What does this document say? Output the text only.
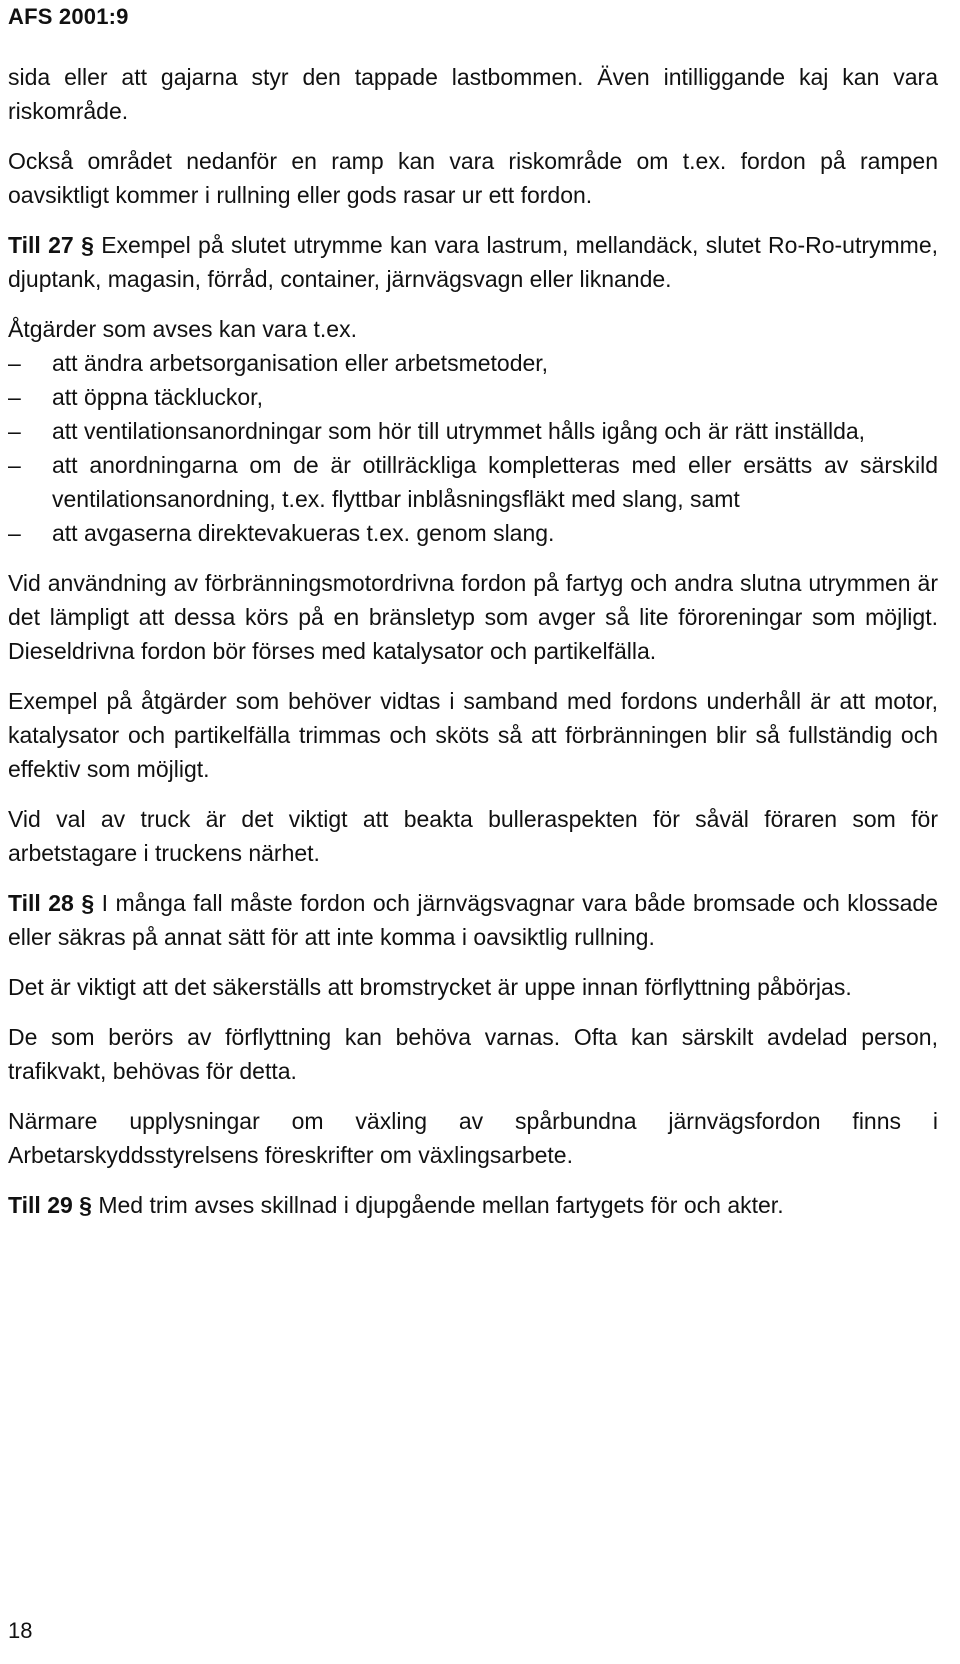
AFS 2001:9

sida eller att gajarna styr den tappade lastbommen. Även intilliggande kaj kan vara riskområde.

Också området nedanför en ramp kan vara riskområde om t.ex. fordon på rampen oavsiktligt kommer i rullning eller gods rasar ur ett fordon.

Till 27 § Exempel på slutet utrymme kan vara lastrum, mellandäck, slutet Ro-Ro-utrymme, djuptank, magasin, förråd, container, järnvägsvagn eller liknande.

Åtgärder som avses kan vara t.ex.

– att ändra arbetsorganisation eller arbetsmetoder,
– att öppna täckluckor,
– att ventilationsanordningar som hör till utrymmet hålls igång och är rätt inställda,
– att anordningarna om de är otillräckliga kompletteras med eller ersätts av särskild ventilationsanordning, t.ex. flyttbar inblåsningsfläkt med slang, samt
– att avgaserna direktevakueras t.ex. genom slang.

Vid användning av förbränningsmotordrivna fordon på fartyg och andra slutna utrymmen är det lämpligt att dessa körs på en bränsletyp som avger så lite föroreningar som möjligt. Dieseldrivna fordon bör förses med katalysator och partikelfälla.

Exempel på åtgärder som behöver vidtas i samband med fordons underhåll är att motor, katalysator och partikelfälla trimmas och sköts så att förbränningen blir så fullständig och effektiv som möjligt.

Vid val av truck är det viktigt att beakta bulleraspekten för såväl föraren som för arbetstagare i truckens närhet.

Till 28 § I många fall måste fordon och järnvägsvagnar vara både bromsade och klossade eller säkras på annat sätt för att inte komma i oavsiktlig rullning.

Det är viktigt att det säkerställs att bromstrycket är uppe innan förflyttning påbörjas.

De som berörs av förflyttning kan behöva varnas. Ofta kan särskilt avdelad person, trafikvakt, behövas för detta.

Närmare upplysningar om växling av spårbundna järnvägsfordon finns i Arbetarskyddsstyrelsens föreskrifter om växlingsarbete.

Till 29 § Med trim avses skillnad i djupgående mellan fartygets för och akter.

18
